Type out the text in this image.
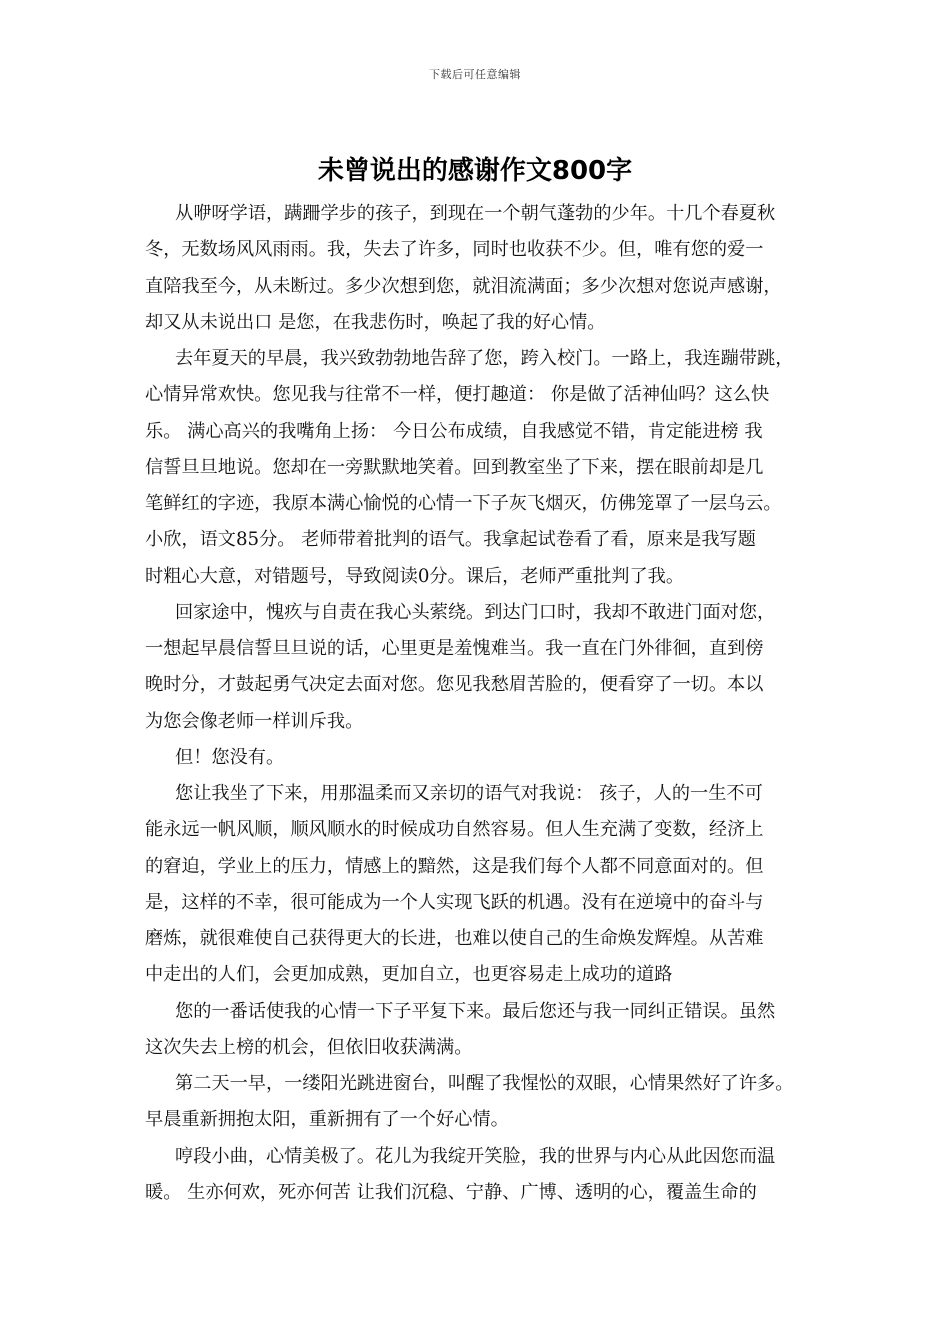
下载后可任意编辑
未曾说出的感谢作文800字
从咿呀学语，蹒跚学步的孩子，到现在一个朝气蓬勃的少年。十几个春夏秋
冬，无数场风风雨雨。我，失去了许多，同时也收获不少。但，唯有您的爱一
直陪我至今，从未断过。多少次想到您，就泪流满面；多少次想对您说声感谢，
却又从未说出口 是您，在我悲伤时，唤起了我的好心情。
去年夏天的早晨，我兴致勃勃地告辞了您，跨入校门。一路上，我连蹦带跳，
心情异常欢快。您见我与往常不一样，便打趣道： 你是做了活神仙吗？这么快
乐。 满心高兴的我嘴角上扬： 今日公布成绩，自我感觉不错，肯定能进榜 我
信誓旦旦地说。您却在一旁默默地笑着。回到教室坐了下来，摆在眼前却是几
笔鲜红的字迹，我原本满心愉悦的心情一下子灰飞烟灭，仿佛笼罩了一层乌云。
小欣，语文85分。 老师带着批判的语气。我拿起试卷看了看，原来是我写题
时粗心大意，对错题号，导致阅读0分。课后，老师严重批判了我。
回家途中，愧疚与自责在我心头萦绕。到达门口时，我却不敢进门面对您，
一想起早晨信誓旦旦说的话，心里更是羞愧难当。我一直在门外徘徊，直到傍
晚时分，才鼓起勇气决定去面对您。您见我愁眉苦脸的，便看穿了一切。本以
为您会像老师一样训斥我。
但！您没有。
您让我坐了下来，用那温柔而又亲切的语气对我说： 孩子，人的一生不可
能永远一帆风顺，顺风顺水的时候成功自然容易。但人生充满了变数，经济上
的窘迫，学业上的压力，情感上的黯然，这是我们每个人都不同意面对的。但
是，这样的不幸，很可能成为一个人实现飞跃的机遇。没有在逆境中的奋斗与
磨炼，就很难使自己获得更大的长进，也难以使自己的生命焕发辉煌。从苦难
中走出的人们，会更加成熟，更加自立，也更容易走上成功的道路
您的一番话使我的心情一下子平复下来。最后您还与我一同纠正错误。虽然
这次失去上榜的机会，但依旧收获满满。
第二天一早，一缕阳光跳进窗台，叫醒了我惺忪的双眼，心情果然好了许多。
早晨重新拥抱太阳，重新拥有了一个好心情。
哼段小曲，心情美极了。花儿为我绽开笑脸，我的世界与内心从此因您而温
暖。 生亦何欢，死亦何苦 让我们沉稳、宁静、广博、透明的心，覆盖生命的
